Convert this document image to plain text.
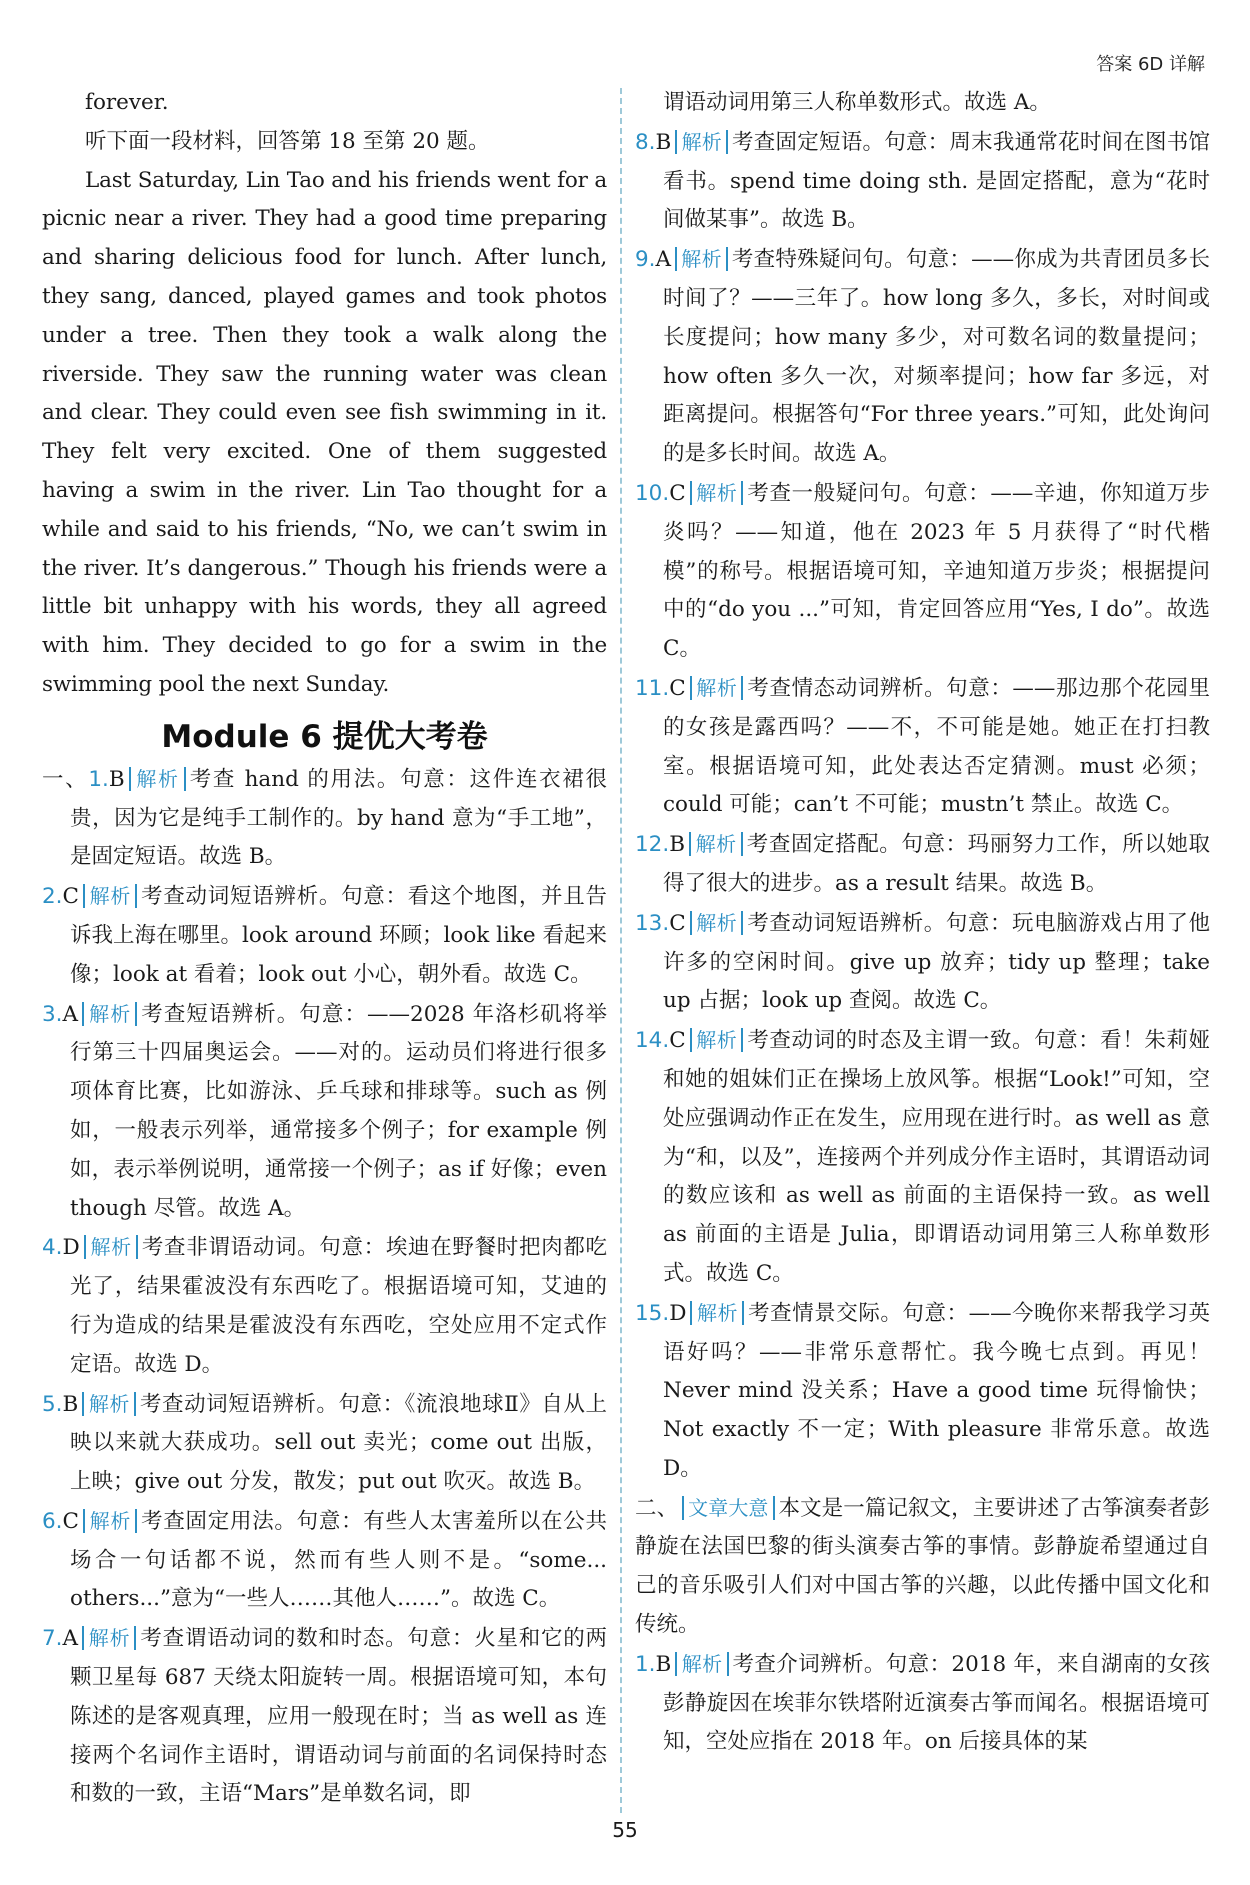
答案 6D 详解

forever.

听下面一段材料，回答第 18 至第 20 题。

Last Saturday, Lin Tao and his friends went for a picnic near a river. They had a good time preparing and sharing delicious food for lunch. After lunch, they sang, danced, played games and took photos under a tree. Then they took a walk along the riverside. They saw the running water was clean and clear. They could even see fish swimming in it. They felt very excited. One of them suggested having a swim in the river. Lin Tao thought for a while and said to his friends, “No, we can’t swim in the river. It’s dangerous.” Though his friends were a little bit unhappy with his words, they all agreed with him. They decided to go for a swim in the swimming pool the next Sunday.

Module 6 提优大考卷
一、1.B 解析 考查 hand 的用法。句意：这件连衣裙很贵，因为它是纯手工制作的。by hand 意为“手工地”，是固定短语。故选 B。
2.C 解析 考查动词短语辨析。句意：看这个地图，并且告诉我上海在哪里。look around 环顾；look like 看起来像；look at 看着；look out 小心，朝外看。故选 C。
3.A 解析 考查短语辨析。句意：——2028 年洛杉矶将举行第三十四届奥运会。——对的。运动员们将进行很多项体育比赛，比如游泳、乒乓球和排球等。such as 例如，一般表示列举，通常接多个例子；for example 例如，表示举例说明，通常接一个例子；as if 好像；even though 尽管。故选 A。
4.D 解析 考查非谓语动词。句意：埃迪在野餐时把肉都吃光了，结果霍波没有东西吃了。根据语境可知，艾迪的行为造成的结果是霍波没有东西吃，空处应用不定式作定语。故选 D。
5.B 解析 考查动词短语辨析。句意：《流浪地球Ⅱ》自从上映以来就大获成功。sell out 卖光；come out 出版，上映；give out 分发，散发；put out 吹灭。故选 B。
6.C 解析 考查固定用法。句意：有些人太害羞所以在公共场合一句话都不说，然而有些人则不是。“some... others...”意为“一些人……其他人……”。故选 C。
7.A 解析 考查谓语动词的数和时态。句意：火星和它的两颗卫星每 687 天绕太阳旋转一周。根据语境可知，本句陈述的是客观真理，应用一般现在时；当 as well as 连接两个名词作主语时，谓语动词与前面的名词保持时态和数的一致，主语“Mars”是单数名词，即
谓语动词用第三人称单数形式。故选 A。
8.B 解析 考查固定短语。句意：周末我通常花时间在图书馆看书。spend time doing sth. 是固定搭配，意为“花时间做某事”。故选 B。
9.A 解析 考查特殊疑问句。句意：——你成为共青团员多长时间了？——三年了。how long 多久，多长，对时间或长度提问；how many 多少，对可数名词的数量提问；how often 多久一次，对频率提问；how far 多远，对距离提问。根据答句“For three years.”可知，此处询问的是多长时间。故选 A。
10.C 解析 考查一般疑问句。句意：——辛迪，你知道万步炎吗？——知道，他在 2023 年 5 月获得了“时代楷模”的称号。根据语境可知，辛迪知道万步炎；根据提问中的“do you ...”可知，肯定回答应用“Yes, I do”。故选 C。
11.C 解析 考查情态动词辨析。句意：——那边那个花园里的女孩是露西吗？——不，不可能是她。她正在打扫教室。根据语境可知，此处表达否定猜测。must 必须；could 可能；can’t 不可能；mustn’t 禁止。故选 C。
12.B 解析 考查固定搭配。句意：玛丽努力工作，所以她取得了很大的进步。as a result 结果。故选 B。
13.C 解析 考查动词短语辨析。句意：玩电脑游戏占用了他许多的空闲时间。give up 放弃；tidy up 整理；take up 占据；look up 查阅。故选 C。
14.C 解析 考查动词的时态及主谓一致。句意：看！朱莉娅和她的姐妹们正在操场上放风筝。根据“Look!”可知，空处应强调动作正在发生，应用现在进行时。as well as 意为“和，以及”，连接两个并列成分作主语时，其谓语动词的数应该和 as well as 前面的主语保持一致。as well as 前面的主语是 Julia，即谓语动词用第三人称单数形式。故选 C。
15.D 解析 考查情景交际。句意：——今晚你来帮我学习英语好吗？——非常乐意帮忙。我今晚七点到。再见！Never mind 没关系；Have a good time 玩得愉快；Not exactly 不一定；With pleasure 非常乐意。故选 D。
二、 文章大意 本文是一篇记叙文，主要讲述了古筝演奏者彭静旋在法国巴黎的街头演奏古筝的事情。彭静旋希望通过自己的音乐吸引人们对中国古筝的兴趣，以此传播中国文化和传统。
1.B 解析 考查介词辨析。句意：2018 年，来自湖南的女孩彭静旋因在埃菲尔铁塔附近演奏古筝而闻名。根据语境可知，空处应指在 2018 年。on 后接具体的某
55
